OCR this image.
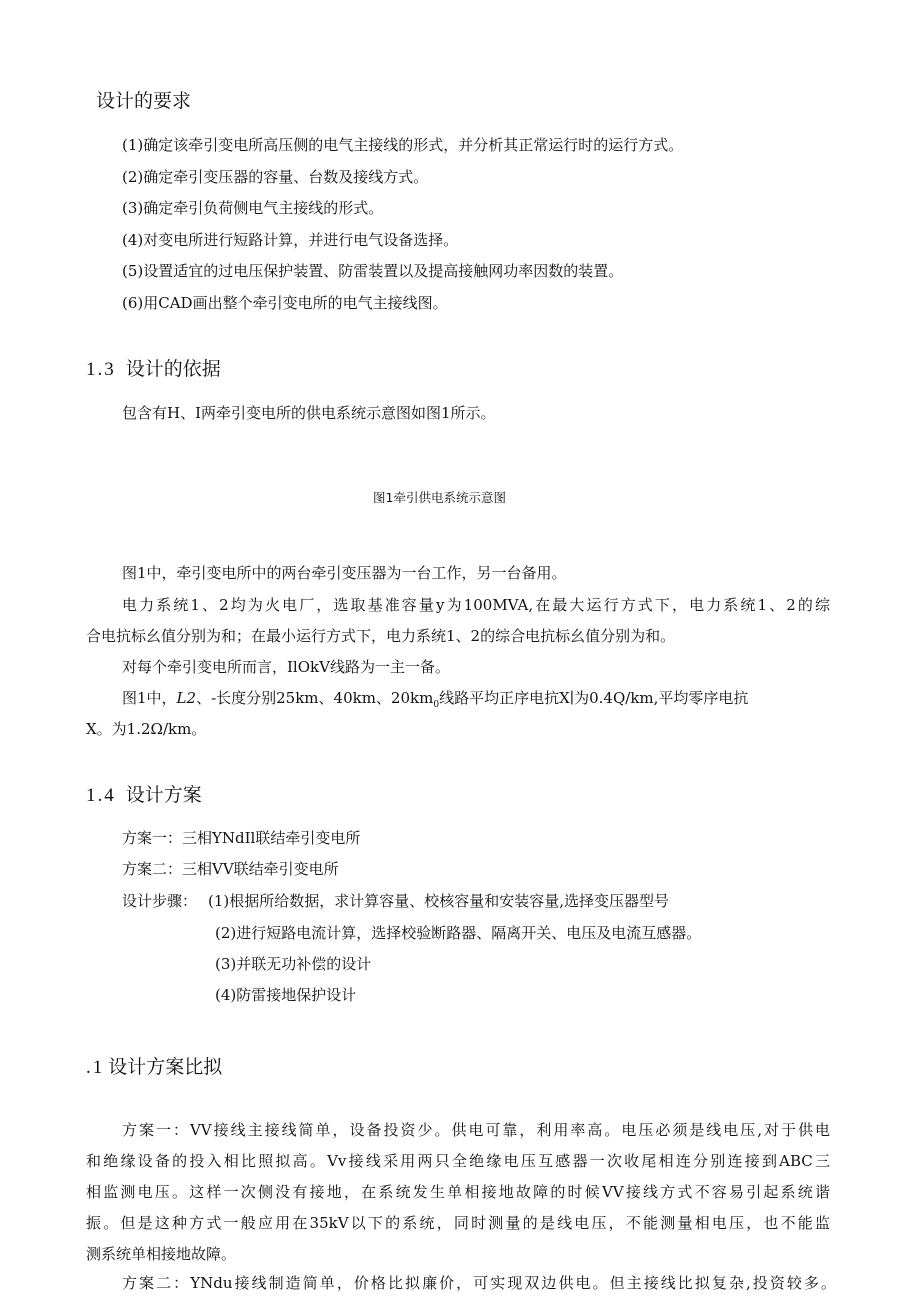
设计的要求
(1)确定该牵引变电所高压侧的电气主接线的形式，并分析其正常运行时的运行方式。
(2)确定牵引变压器的容量、台数及接线方式。
(3)确定牵引负荷侧电气主接线的形式。
(4)对变电所进行短路计算，并进行电气设备选择。
(5)设置适宜的过电压保护装置、防雷装置以及提高接触网功率因数的装置。
(6)用CAD画出整个牵引变电所的电气主接线图。
1.3 设计的依据
包含有H、I两牵引变电所的供电系统示意图如图1所示。
图1牵引供电系统示意图
图1中，牵引变电所中的两台牵引变压器为一台工作，另一台备用。
电力系统1、2均为火电厂，选取基准容量y为100MVA,在最大运行方式下，电力系统1、2的综
合电抗标幺值分别为和；在最小运行方式下，电力系统1、2的综合电抗标幺值分别为和。
对每个牵引变电所而言，IlOkV线路为一主一备。
图1中，L2、-长度分别25km、40km、$20km_0$线路平均正序电抗X∣为0.4Q/km,平均零序电抗
X。为1.2Ω/km。
1.4 设计方案
方案一：三相YNdIl联结牵引变电所
方案二：三相VV联结牵引变电所
设计步骤： (1)根据所给数据，求计算容量、校核容量和安装容量,选择变压器型号
(2)进行短路电流计算，选择校验断路器、隔离开关、电压及电流互感器。
(3)并联无功补偿的设计
(4)防雷接地保护设计
.1 设计方案比拟
方案一：VV接线主接线简单，设备投资少。供电可靠，利用率高。电压必须是线电压,对于供电
和绝缘设备的投入相比照拟高。Vv接线采用两只全绝缘电压互感器一次收尾相连分别连接到ABC三
相监测电压。这样一次侧没有接地，在系统发生单相接地故障的时候VV接线方式不容易引起系统谐
振。但是这种方式一般应用在35kV以下的系统，同时测量的是线电压，不能测量相电压，也不能监
测系统单相接地故障。
方案二：YNdu接线制造简单，价格比拟廉价，可实现双边供电。但主接线比拟复杂,投资较多。
